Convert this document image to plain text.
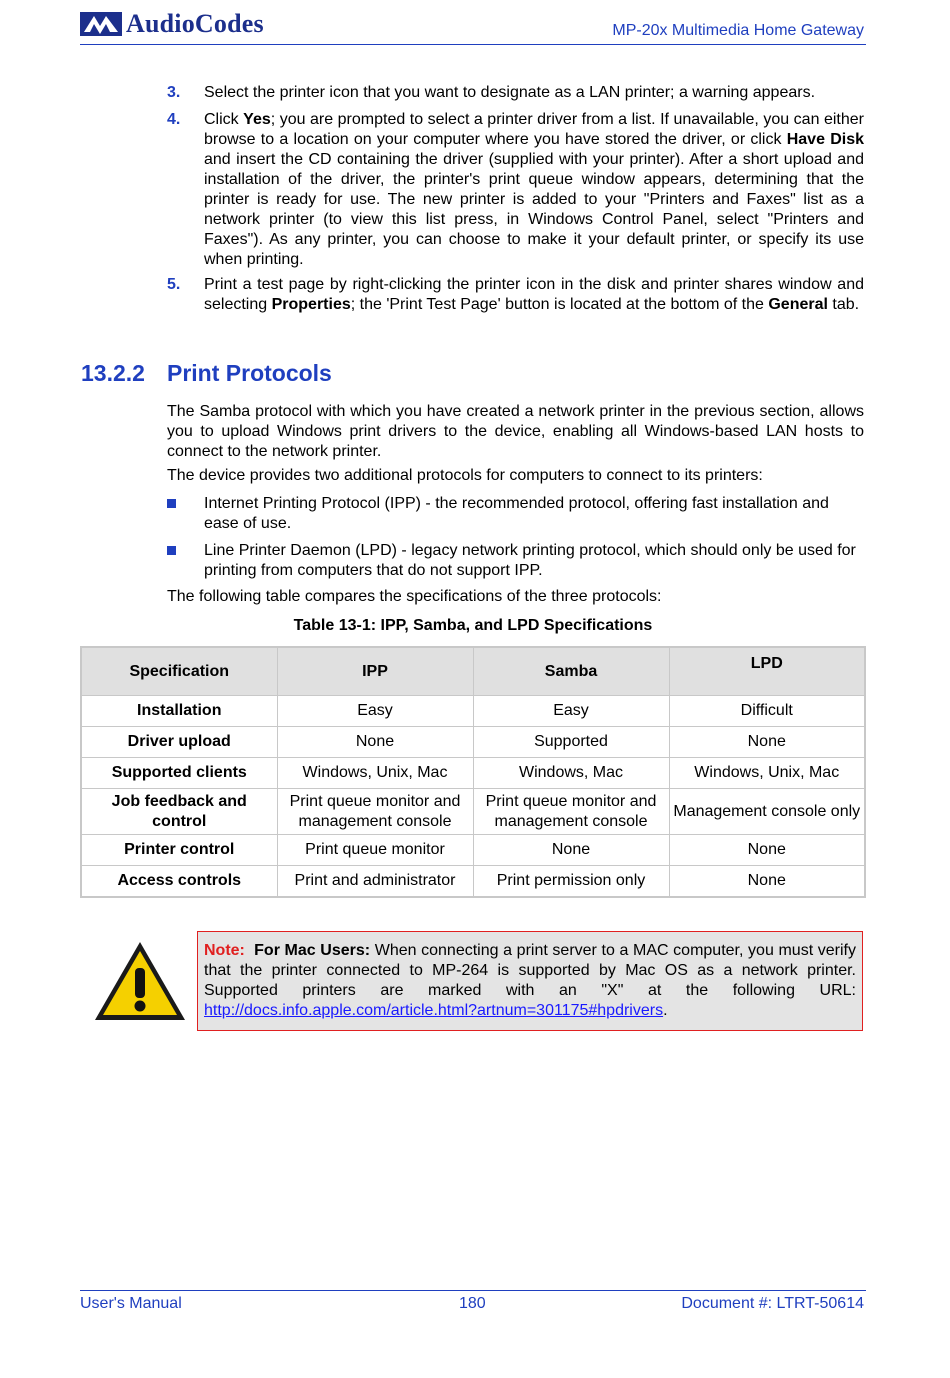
AudioCodes	MP-20x Multimedia Home Gateway
3. Select the printer icon that you want to designate as a LAN printer; a warning appears.
4. Click Yes; you are prompted to select a printer driver from a list. If unavailable, you can either browse to a location on your computer where you have stored the driver, or click Have Disk and insert the CD containing the driver (supplied with your printer). After a short upload and installation of the driver, the printer's print queue window appears, determining that the printer is ready for use. The new printer is added to your "Printers and Faxes" list as a network printer (to view this list press, in Windows Control Panel, select "Printers and Faxes"). As any printer, you can choose to make it your default printer, or specify its use when printing.
5. Print a test page by right-clicking the printer icon in the disk and printer shares window and selecting Properties; the 'Print Test Page' button is located at the bottom of the General tab.
13.2.2 Print Protocols
The Samba protocol with which you have created a network printer in the previous section, allows you to upload Windows print drivers to the device, enabling all Windows-based LAN hosts to connect to the network printer.
The device provides two additional protocols for computers to connect to its printers:
Internet Printing Protocol (IPP) - the recommended protocol, offering fast installation and ease of use.
Line Printer Daemon (LPD) - legacy network printing protocol, which should only be used for printing from computers that do not support IPP.
The following table compares the specifications of the three protocols:
Table 13-1: IPP, Samba, and LPD Specifications
Specification	IPP	Samba	LPD
Installation	Easy	Easy	Difficult
Driver upload	None	Supported	None
Supported clients	Windows, Unix, Mac	Windows, Mac	Windows, Unix, Mac
Job feedback and control	Print queue monitor and management console	Print queue monitor and management console	Management console only
Printer control	Print queue monitor	None	None
Access controls	Print and administrator	Print permission only	None
Note: For Mac Users: When connecting a print server to a MAC computer, you must verify that the printer connected to MP-264 is supported by Mac OS as a network printer. Supported printers are marked with an "X" at the following URL: http://docs.info.apple.com/article.html?artnum=301175#hpdrivers.
User's Manual	180	Document #: LTRT-50614
